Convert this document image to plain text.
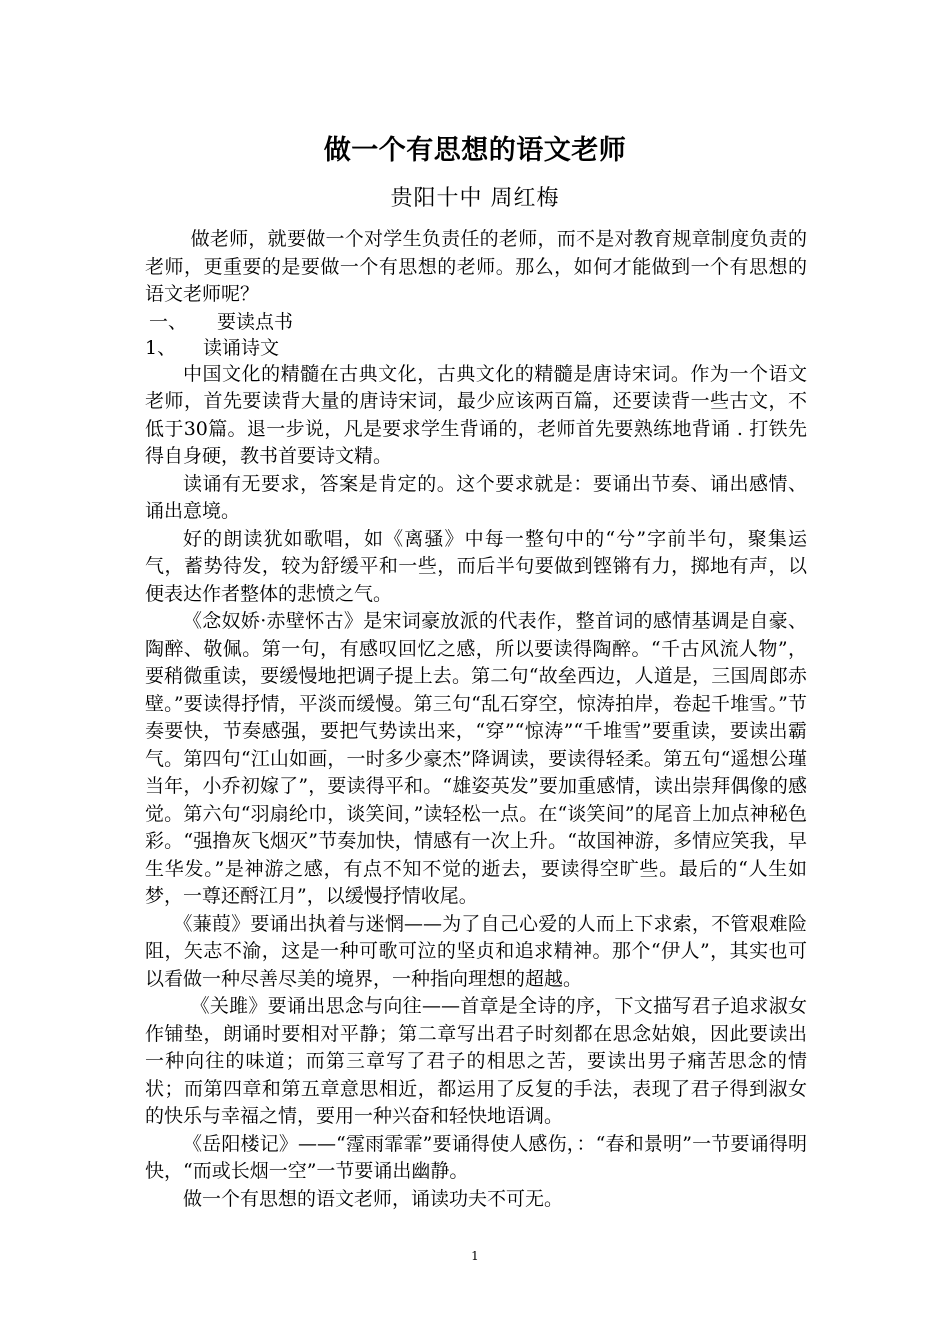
做一个有思想的语文老师
贵阳十中 周红梅

做老师，就要做一个对学生负责任的老师，而不是对教育规章制度负责的老师，更重要的是要做一个有思想的老师。那么，如何才能做到一个有思想的语文老师呢？

一、 要读点书

1、 读诵诗文

中国文化的精髓在古典文化，古典文化的精髓是唐诗宋词。作为一个语文老师，首先要读背大量的唐诗宋词，最少应该两百篇，还要读背一些古文，不低于30篇。退一步说，凡是要求学生背诵的，老师首先要熟练地背诵 . 打铁先得自身硬，教书首要诗文精。

读诵有无要求，答案是肯定的。这个要求就是：要诵出节奏、诵出感情、诵出意境。

好的朗读犹如歌唱，如《离骚》中每一整句中的“兮”字前半句，聚集运气，蓄势待发，较为舒缓平和一些，而后半句要做到铿锵有力，掷地有声，以便表达作者整体的悲愤之气。

《念奴娇·赤壁怀古》是宋词豪放派的代表作，整首词的感情基调是自豪、陶醉、敬佩。第一句，有感叹回忆之感，所以要读得陶醉。“千古风流人物”，要稍微重读，要缓慢地把调子提上去。第二句“故垒西边，人道是，三国周郎赤壁。”要读得抒情，平淡而缓慢。第三句“乱石穿空，惊涛拍岸，卷起千堆雪。”节奏要快，节奏感强，要把气势读出来，“穿”“惊涛”“千堆雪”要重读，要读出霸气。第四句“江山如画，一时多少豪杰”降调读，要读得轻柔。第五句“遥想公瑾当年，小乔初嫁了”，要读得平和。“雄姿英发”要加重感情，读出崇拜偶像的感觉。第六句“羽扇纶巾，谈笑间，”读轻松一点。在“谈笑间”的尾音上加点神秘色彩。“强撸灰飞烟灭”节奏加快，情感有一次上升。“故国神游，多情应笑我，早生华发。”是神游之感，有点不知不觉的逝去，要读得空旷些。最后的“人生如梦，一尊还酹江月”，以缓慢抒情收尾。

《蒹葭》要诵出执着与迷惘——为了自己心爱的人而上下求索，不管艰难险阻，矢志不渝，这是一种可歌可泣的坚贞和追求精神。那个“伊人”，其实也可以看做一种尽善尽美的境界，一种指向理想的超越。

《关雎》要诵出思念与向往——首章是全诗的序，下文描写君子追求淑女作铺垫，朗诵时要相对平静；第二章写出君子时刻都在思念姑娘，因此要读出一种向往的味道；而第三章写了君子的相思之苦，要读出男子痛苦思念的情状；而第四章和第五章意思相近，都运用了反复的手法，表现了君子得到淑女的快乐与幸福之情，要用一种兴奋和轻快地语调。

《岳阳楼记》——“霪雨霏霏”要诵得使人感伤，：“春和景明”一节要诵得明快，“而或长烟一空”一节要诵出幽静。

做一个有思想的语文老师，诵读功夫不可无。

1
